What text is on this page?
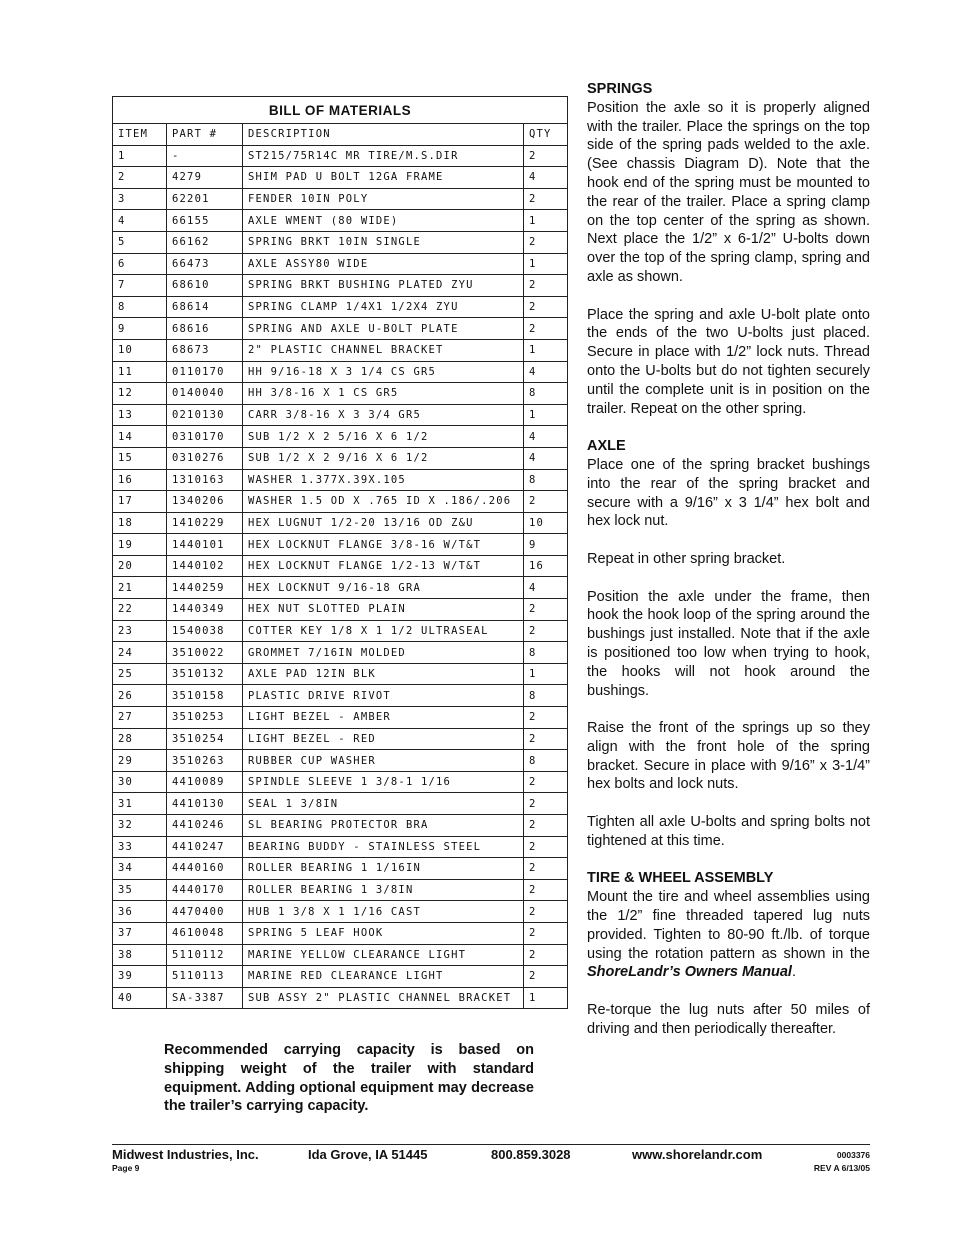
BILL OF MATERIALS			
ITEM	PART #	DESCRIPTION	QTY
1	-	ST215/75R14C MR TIRE/M.S.DIR	2
2	4279	SHIM PAD U BOLT 12GA FRAME	4
3	62201	FENDER 10IN POLY	2
4	66155	AXLE WMENT (80 WIDE)	1
5	66162	SPRING BRKT 10IN SINGLE	2
6	66473	AXLE ASSY80 WIDE	1
7	68610	SPRING BRKT BUSHING PLATED ZYU	2
8	68614	SPRING CLAMP 1/4X1 1/2X4 ZYU	2
9	68616	SPRING AND AXLE U-BOLT PLATE	2
10	68673	2" PLASTIC CHANNEL BRACKET	1
11	0110170	HH 9/16-18 X 3 1/4 CS GR5	4
12	0140040	HH 3/8-16 X 1 CS GR5	8
13	0210130	CARR 3/8-16 X 3 3/4 GR5	1
14	0310170	SUB 1/2 X 2 5/16 X 6 1/2	4
15	0310276	SUB 1/2 X 2 9/16 X 6 1/2	4
16	1310163	WASHER 1.377X.39X.105	8
17	1340206	WASHER 1.5 OD X .765 ID X .186/.206	2
18	1410229	HEX LUGNUT 1/2-20 13/16 OD Z&U	10
19	1440101	HEX LOCKNUT FLANGE 3/8-16 W/T&T	9
20	1440102	HEX LOCKNUT FLANGE 1/2-13 W/T&T	16
21	1440259	HEX LOCKNUT 9/16-18 GRA	4
22	1440349	HEX NUT SLOTTED PLAIN	2
23	1540038	COTTER KEY 1/8 X 1 1/2 ULTRASEAL	2
24	3510022	GROMMET 7/16IN MOLDED	8
25	3510132	AXLE PAD 12IN BLK	1
26	3510158	PLASTIC DRIVE RIVOT	8
27	3510253	LIGHT BEZEL - AMBER	2
28	3510254	LIGHT BEZEL - RED	2
29	3510263	RUBBER CUP WASHER	8
30	4410089	SPINDLE SLEEVE 1 3/8-1 1/16	2
31	4410130	SEAL 1 3/8IN	2
32	4410246	SL BEARING PROTECTOR BRA	2
33	4410247	BEARING BUDDY - STAINLESS STEEL	2
34	4440160	ROLLER BEARING 1 1/16IN	2
35	4440170	ROLLER BEARING 1 3/8IN	2
36	4470400	HUB 1 3/8 X 1 1/16 CAST	2
37	4610048	SPRING 5 LEAF HOOK	2
38	5110112	MARINE YELLOW CLEARANCE LIGHT	2
39	5110113	MARINE RED CLEARANCE LIGHT	2
40	SA-3387	SUB ASSY 2" PLASTIC CHANNEL BRACKET	1
SPRINGS

Position the axle so it is properly aligned with the trailer. Place the springs on the top side of the spring pads welded to the axle. (See chassis Diagram D). Note that the hook end of the spring must be mounted to the rear of the trailer. Place a spring clamp on the top center of the spring as shown. Next place the 1/2” x 6-1/2” U-bolts down over the top of the spring clamp, spring and axle as shown.

Place the spring and axle U-bolt plate onto the ends of the two U-bolts just placed. Secure in place with 1/2” lock nuts. Thread onto the U-bolts but do not tighten securely until the complete unit is in position on the trailer. Repeat on the other spring.

AXLE

Place one of the spring bracket bushings into the rear of the spring bracket and secure with a 9/16” x 3 1/4” hex bolt and hex lock nut.

Repeat in other spring bracket.

Position the axle under the frame, then hook the hook loop of the spring around the bushings just installed. Note that if the axle is positioned too low when trying to hook, the hooks will not hook around the bushings.

Raise the front of the springs up so they align with the front hole of the spring bracket. Secure in place with 9/16” x 3-1/4” hex bolts and lock nuts.

Tighten all axle U-bolts and spring bolts not tightened at this time.

TIRE & WHEEL ASSEMBLY

Mount the tire and wheel assemblies using the 1/2” fine threaded tapered lug nuts provided. Tighten to 80-90 ft./lb. of torque using the rotation pattern as shown in the ShoreLandr’s Owners Manual.

Re-torque the lug nuts after 50 miles of driving and then periodically thereafter.

Recommended carrying capacity is based on shipping weight of the trailer with standard equipment. Adding optional equipment may decrease the trailer’s carrying capacity.

Midwest Industries, Inc.	Ida Grove, IA 51445	800.859.3028	www.shorelandr.com	0003376
Page 9	REV A 6/13/05
